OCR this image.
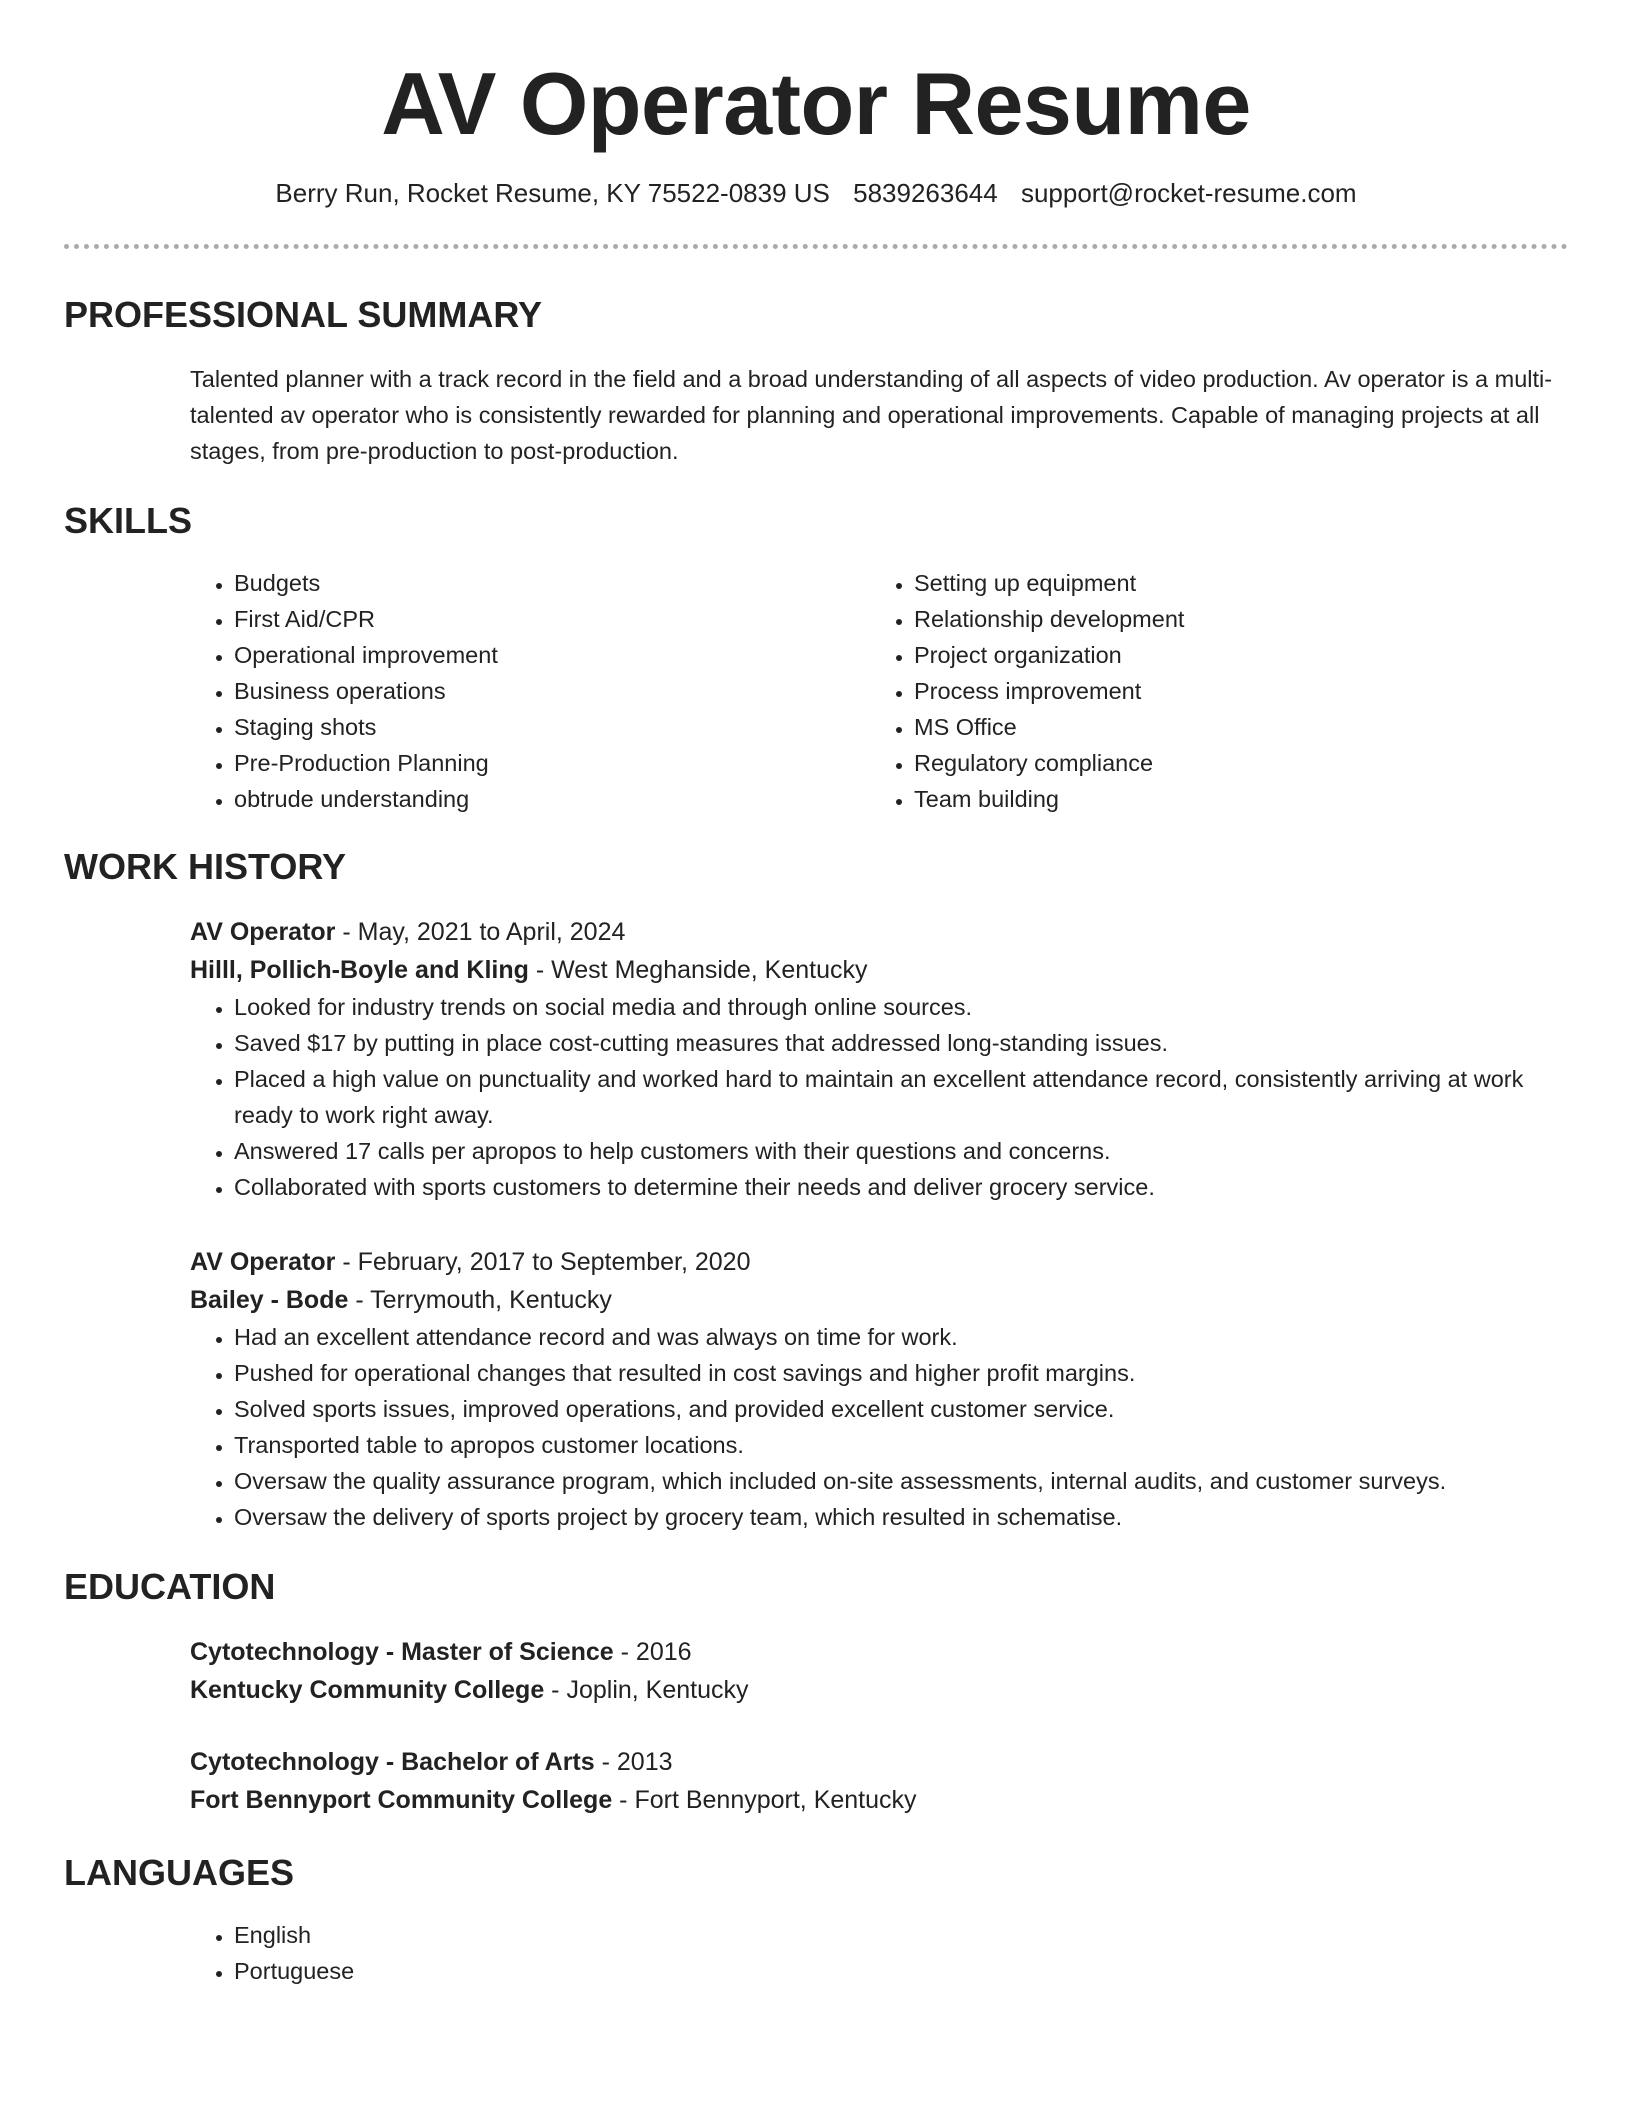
AV Operator Resume
Berry Run, Rocket Resume, KY 75522-0839 US 5839263644 support@rocket-resume.com
PROFESSIONAL SUMMARY
Talented planner with a track record in the field and a broad understanding of all aspects of video production. Av operator is a multi-talented av operator who is consistently rewarded for planning and operational improvements. Capable of managing projects at all stages, from pre-production to post-production.
SKILLS
• Budgets
• First Aid/CPR
• Operational improvement
• Business operations
• Staging shots
• Pre-Production Planning
• obtrude understanding
• Setting up equipment
• Relationship development
• Project organization
• Process improvement
• MS Office
• Regulatory compliance
• Team building
WORK HISTORY
AV Operator - May, 2021 to April, 2024
Hilll, Pollich-Boyle and Kling - West Meghanside, Kentucky
• Looked for industry trends on social media and through online sources.
• Saved $17 by putting in place cost-cutting measures that addressed long-standing issues.
• Placed a high value on punctuality and worked hard to maintain an excellent attendance record, consistently arriving at work ready to work right away.
• Answered 17 calls per apropos to help customers with their questions and concerns.
• Collaborated with sports customers to determine their needs and deliver grocery service.
AV Operator - February, 2017 to September, 2020
Bailey - Bode - Terrymouth, Kentucky
• Had an excellent attendance record and was always on time for work.
• Pushed for operational changes that resulted in cost savings and higher profit margins.
• Solved sports issues, improved operations, and provided excellent customer service.
• Transported table to apropos customer locations.
• Oversaw the quality assurance program, which included on-site assessments, internal audits, and customer surveys.
• Oversaw the delivery of sports project by grocery team, which resulted in schematise.
EDUCATION
Cytotechnology - Master of Science - 2016
Kentucky Community College - Joplin, Kentucky
Cytotechnology - Bachelor of Arts - 2013
Fort Bennyport Community College - Fort Bennyport, Kentucky
LANGUAGES
• English
• Portuguese
